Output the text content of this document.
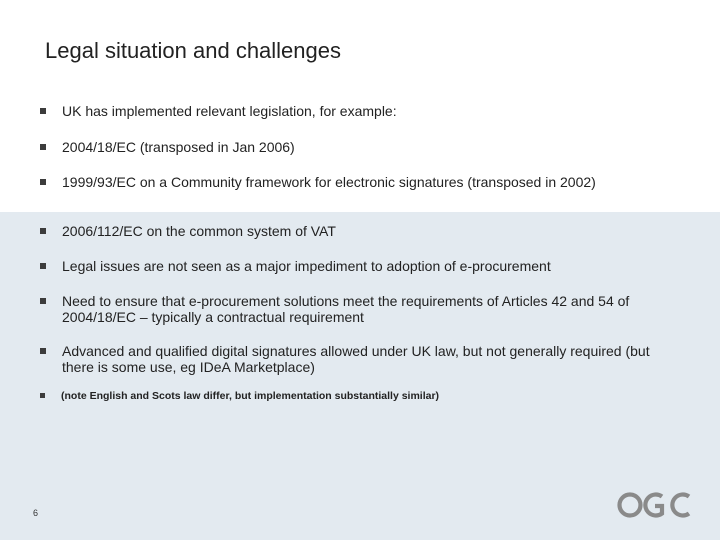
Legal situation and challenges
UK has implemented relevant legislation, for example:
2004/18/EC (transposed in Jan 2006)
1999/93/EC on a Community framework for electronic signatures (transposed in 2002)
2006/112/EC on the common system of VAT
Legal issues are not seen as a major impediment to adoption of e-procurement
Need to ensure that e-procurement solutions meet the requirements of Articles 42 and 54 of 2004/18/EC – typically a contractual requirement
Advanced and qualified digital signatures allowed under UK law, but not generally required (but there is some use, eg IDeA Marketplace)
(note English and Scots law differ, but implementation substantially similar)
6
